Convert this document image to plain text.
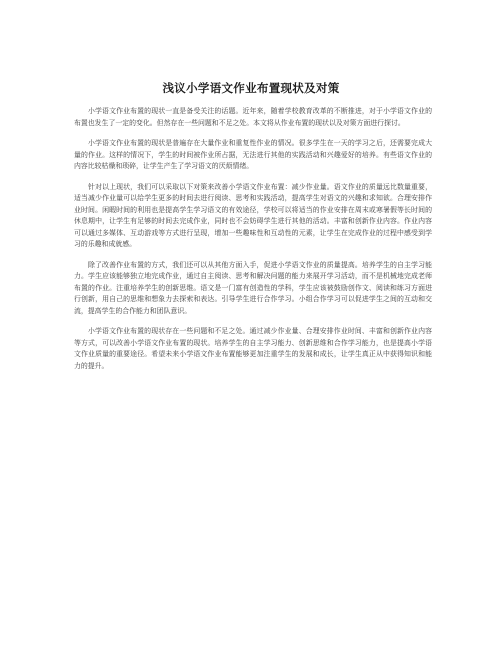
浅议小学语文作业布置现状及对策

小学语文作业布置的现状一直是备受关注的话题。近年来，随着学校教育改革的不断推进，对于小学语文作业的布置也发生了一定的变化。但然存在一些问题和不足之处。本文将从作业布置的现状以及对策方面进行探讨。

小学语文作业布置的现状是普遍存在大量作业和重复性作业的情况。很多学生在一天的学习之后，还需要完成大量的作业。这样的情况下，学生的时间被作业所占据，无法进行其他的实践活动和兴趣爱好的培养。有些语文作业的内容比较枯燥和琐碎，让学生产生了学习语文的厌烦情绪。

针对以上现状，我们可以采取以下对策来改善小学语文作业布置：减少作业量。语文作业的质量远比数量重要，适当减少作业量可以给学生更多的时间去进行阅读、思考和实践活动，提高学生对语文的兴趣和求知欲。合理安排作业时间。闲暇时间的利用也是提高学生学习语文的有效途径，学校可以将适当的作业安排在周末或寒暑假等长时间的休息期中，让学生有足够的时间去完成作业，同时也不会妨碍学生进行其他的活动。丰富和创新作业内容。作业内容可以通过多媒体、互动游戏等方式进行呈现，增加一些趣味性和互动性的元素，让学生在完成作业的过程中感受到学习的乐趣和成就感。

除了改善作业布置的方式，我们还可以从其他方面入手，促进小学语文作业的质量提高。培养学生的自主学习能力。学生应该能够独立地完成作业，通过自主阅读、思考和解决问题的能力来展开学习活动，而不是机械地完成老师布置的作业。注重培养学生的创新思维。语文是一门富有创造性的学科，学生应该被鼓励创作文、阅读和练习方面进行创新，用自己的思维和想象力去探索和表达。引导学生进行合作学习。小组合作学习可以促进学生之间的互动和交流，提高学生的合作能力和团队意识。

小学语文作业布置的现状存在一些问题和不足之处。通过减少作业量、合理安排作业时间、丰富和创新作业内容等方式，可以改善小学语文作业布置的现状。培养学生的自主学习能力、创新思维和合作学习能力，也是提高小学语文作业质量的重要途径。希望未来小学语文作业布置能够更加注重学生的发展和成长，让学生真正从中获得知识和能力的提升。
